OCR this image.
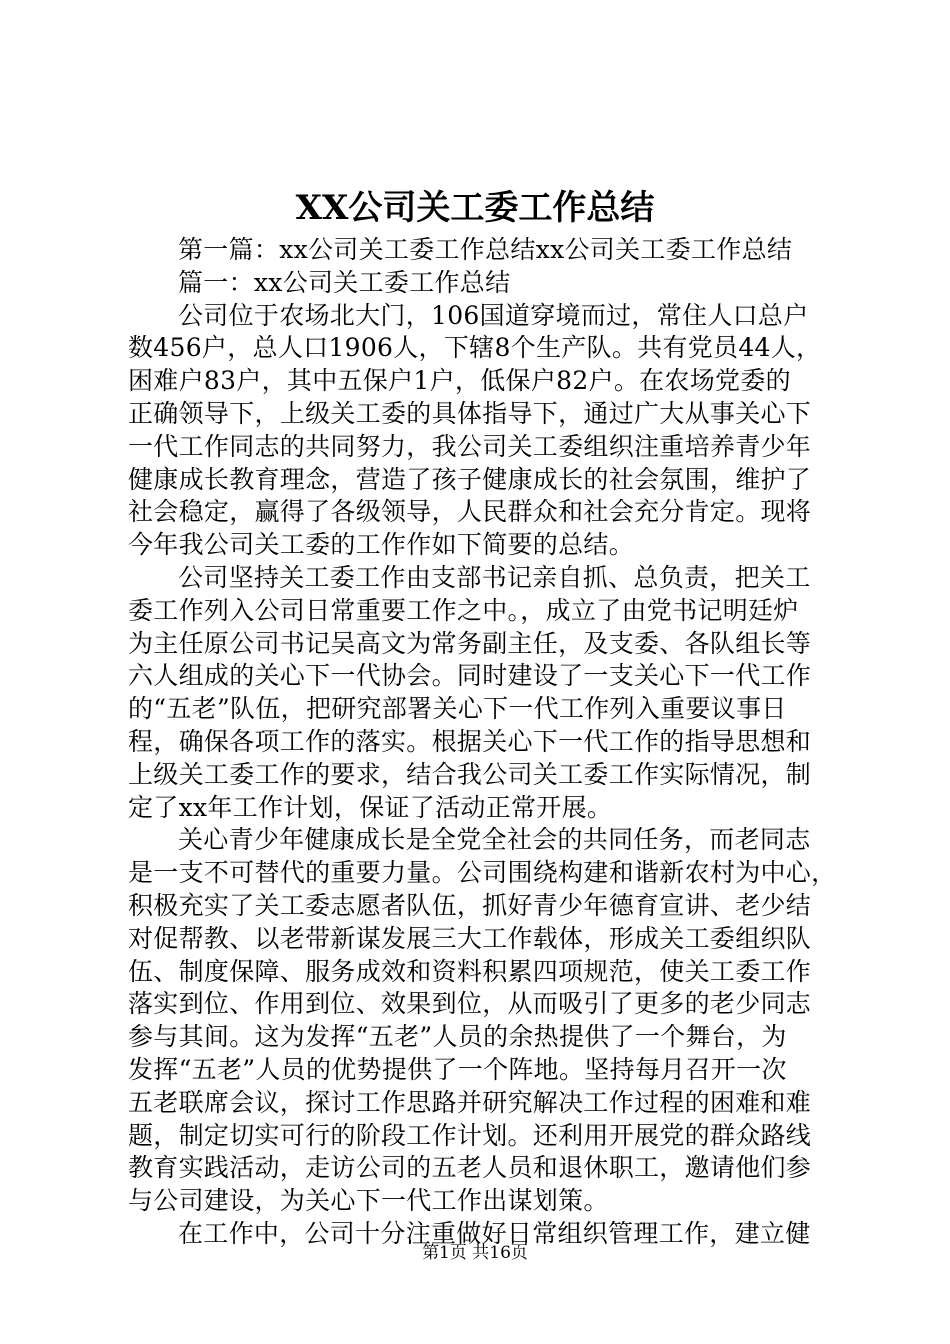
XX公司关工委工作总结

第一篇：xx公司关工委工作总结xx公司关工委工作总结

篇一：xx公司关工委工作总结

公司位于农场北大门，106国道穿境而过，常住人口总户

数456户，总人口1906人，下辖8个生产队。共有党员44人，

困难户83户，其中五保户1户，低保户82户。在农场党委的

正确领导下，上级关工委的具体指导下，通过广大从事关心下

一代工作同志的共同努力，我公司关工委组织注重培养青少年

健康成长教育理念，营造了孩子健康成长的社会氛围，维护了

社会稳定，赢得了各级领导，人民群众和社会充分肯定。现将

今年我公司关工委的工作作如下简要的总结。

公司坚持关工委工作由支部书记亲自抓、总负责，把关工

委工作列入公司日常重要工作之中。，成立了由党书记明廷炉

为主任原公司书记吴高文为常务副主任，及支委、各队组长等

六人组成的关心下一代协会。同时建设了一支关心下一代工作

的“五老”队伍，把研究部署关心下一代工作列入重要议事日

程，确保各项工作的落实。根据关心下一代工作的指导思想和

上级关工委工作的要求，结合我公司关工委工作实际情况，制

定了xx年工作计划，保证了活动正常开展。

关心青少年健康成长是全党全社会的共同任务，而老同志

是一支不可替代的重要力量。公司围绕构建和谐新农村为中心，

积极充实了关工委志愿者队伍，抓好青少年德育宣讲、老少结

对促帮教、以老带新谋发展三大工作载体，形成关工委组织队

伍、制度保障、服务成效和资料积累四项规范，使关工委工作

落实到位、作用到位、效果到位，从而吸引了更多的老少同志

参与其间。这为发挥“五老”人员的余热提供了一个舞台，为

发挥“五老”人员的优势提供了一个阵地。坚持每月召开一次

五老联席会议，探讨工作思路并研究解决工作过程的困难和难

题，制定切实可行的阶段工作计划。还利用开展党的群众路线

教育实践活动，走访公司的五老人员和退休职工，邀请他们参

与公司建设，为关心下一代工作出谋划策。

在工作中，公司十分注重做好日常组织管理工作，建立健

第1页 共16页
